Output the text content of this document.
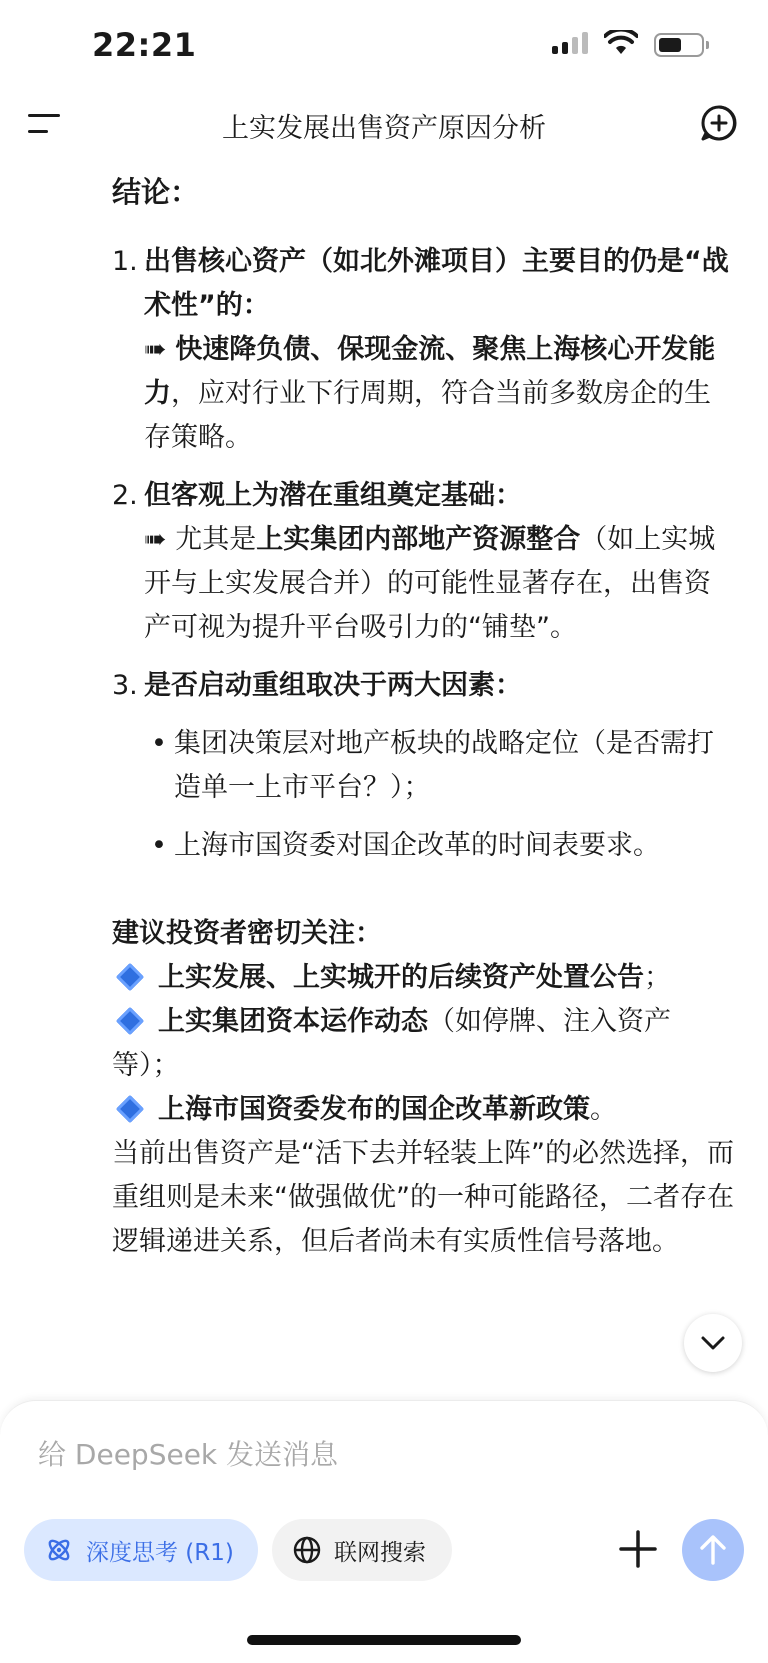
22:21
上实发展出售资产原因分析
结论：
1. 出售核心资产（如北外滩项目）主要目的仍是“战术性”的：
➠ 快速降负债、保现金流、聚焦上海核心开发能力，应对行业下行周期，符合当前多数房企的生存策略。
2. 但客观上为潜在重组奠定基础：
➠ 尤其是上实集团内部地产资源整合（如上实城开与上实发展合并）的可能性显著存在，出售资产可视为提升平台吸引力的“铺垫”。
3. 是否启动重组取决于两大因素：
• 集团决策层对地产板块的战略定位（是否需打造单一上市平台？）；
• 上海市国资委对国企改革的时间表要求。
建议投资者密切关注：
上实发展、上实城开的后续资产处置公告；
上实集团资本运作动态（如停牌、注入资产等）；
上海市国资委发布的国企改革新政策。
当前出售资产是“活下去并轻装上阵”的必然选择，而重组则是未来“做强做优”的一种可能路径，二者存在逻辑递进关系，但后者尚未有实质性信号落地。
给 DeepSeek 发送消息
深度思考 (R1)	联网搜索
